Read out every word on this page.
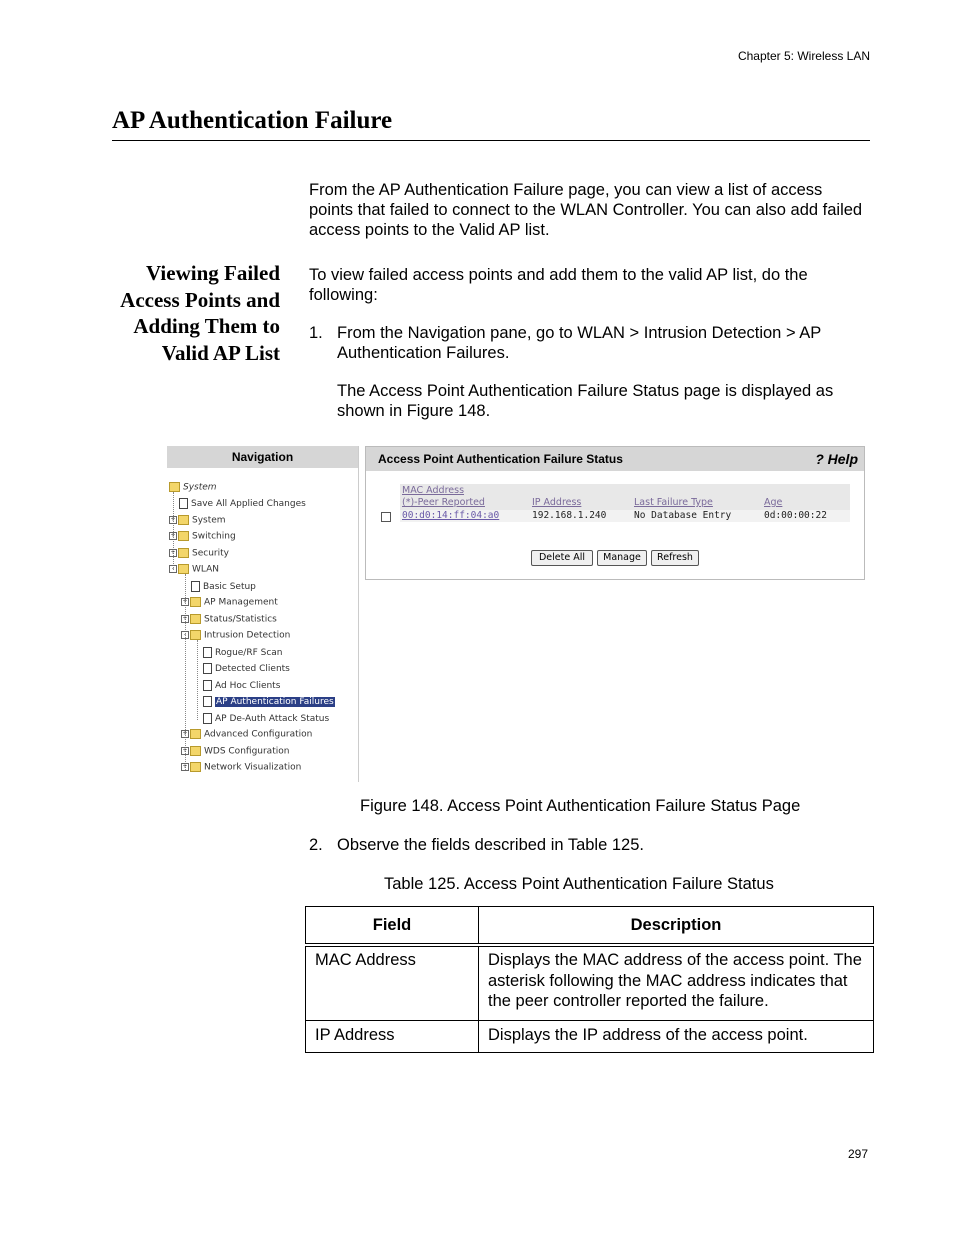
Chapter 5: Wireless LAN
AP Authentication Failure
From the AP Authentication Failure page, you can view a list of access points that failed to connect to the WLAN Controller. You can also add failed access points to the Valid AP list.
Viewing Failed
Access Points and
Adding Them to
Valid AP List
To view failed access points and add them to the valid AP list, do the following:
1. From the Navigation pane, go to WLAN > Intrusion Detection > AP Authentication Failures.
The Access Point Authentication Failure Status page is displayed as shown in Figure 148.
Navigation
System
Save All Applied Changes
+ System
+ Switching
+ Security
- WLAN
Basic Setup
+ AP Management
+ Status/Statistics
- Intrusion Detection
Rogue/RF Scan
Detected Clients
Ad Hoc Clients
AP Authentication Failures
AP De-Auth Attack Status
+ Advanced Configuration
+ WDS Configuration
+ Network Visualization
Access Point Authentication Failure Status	? Help
MAC Address
(*)-Peer Reported	IP Address	Last Failure Type	Age
00:d0:14:ff:04:a0	192.168.1.240	No Database Entry	0d:00:00:22
Delete All	Manage	Refresh
Figure 148. Access Point Authentication Failure Status Page
2. Observe the fields described in Table 125.
Table 125. Access Point Authentication Failure Status
Field	Description
MAC Address	Displays the MAC address of the access point. The asterisk following the MAC address indicates that the peer controller reported the failure.
IP Address	Displays the IP address of the access point.
297
